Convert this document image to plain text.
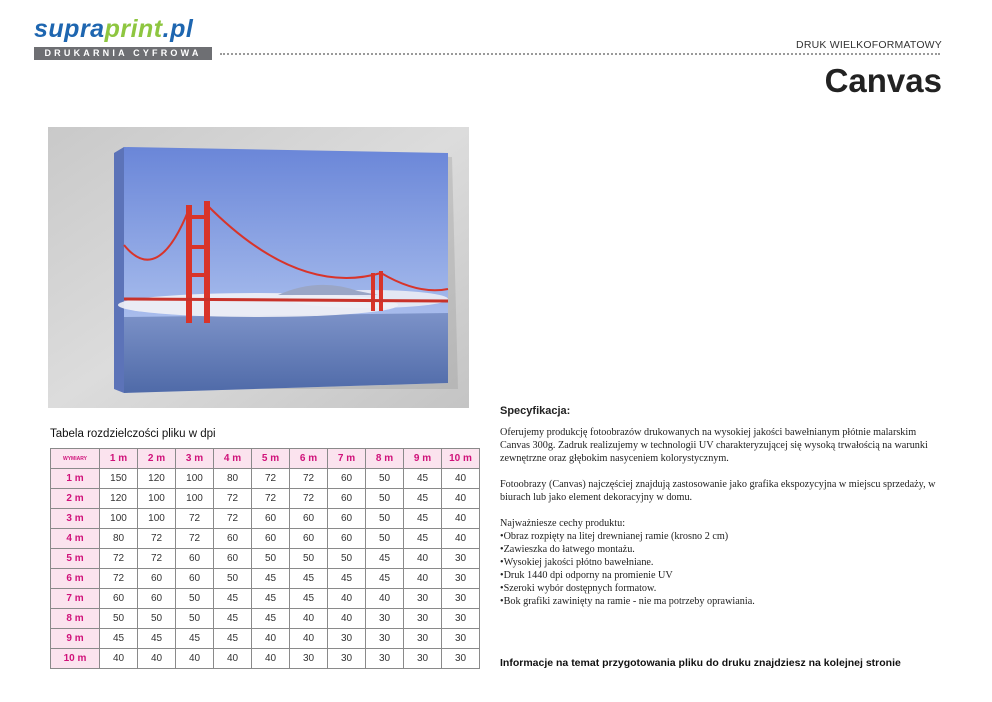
supraprint.pl
DRUKARNIA CYFROWA
DRUK WIELKOFORMATOWY
Canvas
Tabela rozdzielczości pliku w dpi
WYMIARY	1 m	2 m	3 m	4 m	5 m	6 m	7 m	8 m	9 m	10 m
1 m	150	120	100	80	72	72	60	50	45	40
2 m	120	100	100	72	72	72	60	50	45	40
3 m	100	100	72	72	60	60	60	50	45	40
4 m	80	72	72	60	60	60	60	50	45	40
5 m	72	72	60	60	50	50	50	45	40	30
6 m	72	60	60	50	45	45	45	45	40	30
7 m	60	60	50	45	45	45	40	40	30	30
8 m	50	50	50	45	45	40	40	30	30	30
9 m	45	45	45	45	40	40	30	30	30	30
10 m	40	40	40	40	40	30	30	30	30	30
Specyfikacja:

Oferujemy produkcję fotoobrazów drukowanych na wysokiej jakości bawełnianym płótnie malarskim Canvas 300g. Zadruk realizujemy w technologii UV charakteryzującej się wysoką trwałością na warunki zewnętrzne oraz głębokim nasyceniem kolorystycznym.

Fotoobrazy (Canvas) najczęściej znajdują zastosowanie jako grafika ekspozycyjna w miejscu sprzedaży, w biurach lub jako element dekoracyjny w domu.

Najważniesze cechy produktu:
• Obraz rozpięty na litej drewnianej ramie (krosno 2 cm)
• Zawieszka do łatwego montażu.
• Wysokiej jakości płótno bawełniane.
• Druk 1440 dpi odporny na promienie UV
• Szeroki wybór dostępnych formatow.
• Bok grafiki zawinięty na ramie - nie ma potrzeby oprawiania.
Informacje na temat przygotowania pliku do druku znajdziesz na kolejnej stronie
